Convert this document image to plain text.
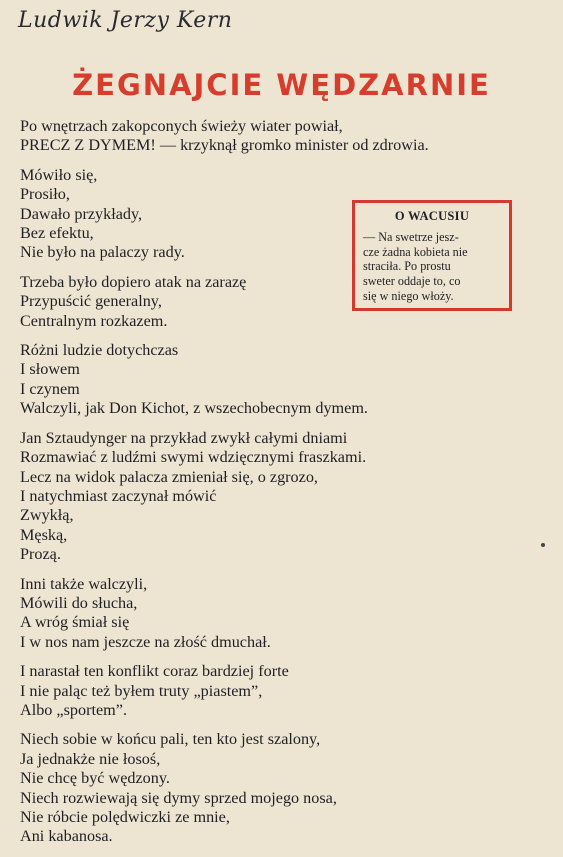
Ludwik Jerzy Kern
ŻEGNAJCIE WĘDZARNIE
Po wnętrzach zakopconych świeży wiater powiał,
PRECZ Z DYMEM! — krzyknął gromko minister od zdrowia.
Mówiło się,
Prosiło,
Dawało przykłady,
Bez efektu,
Nie było na palaczy rady.
Trzeba było dopiero atak na zarazę
Przypuścić generalny,
Centralnym rozkazem.
Różni ludzie dotychczas
I słowem
I czynem
Walczyli, jak Don Kichot, z wszechobecnym dymem.
Jan Sztaudynger na przykład zwykł całymi dniami
Rozmawiać z ludźmi swymi wdzięcznymi fraszkami.
Lecz na widok palacza zmieniał się, o zgrozo,
I natychmiast zaczynał mówić
Zwykłą,
Męską,
Prozą.
Inni także walczyli,
Mówili do słucha,
A wróg śmiał się
I w nos nam jeszcze na złość dmuchał.
I narastał ten konflikt coraz bardziej forte
I nie paląc też byłem truty „piastem”,
Albo „sportem”.
Niech sobie w końcu pali, ten kto jest szalony,
Ja jednakże nie łosoś,
Nie chcę być wędzony.
Niech rozwiewają się dymy sprzed mojego nosa,
Nie róbcie polędwiczki ze mnie,
Ani kabanosa.
O WACUSIU
— Na swetrze jesz-
cze żadna kobieta nie
straciła. Po prostu
sweter oddaje to, co
się w niego włoży.
